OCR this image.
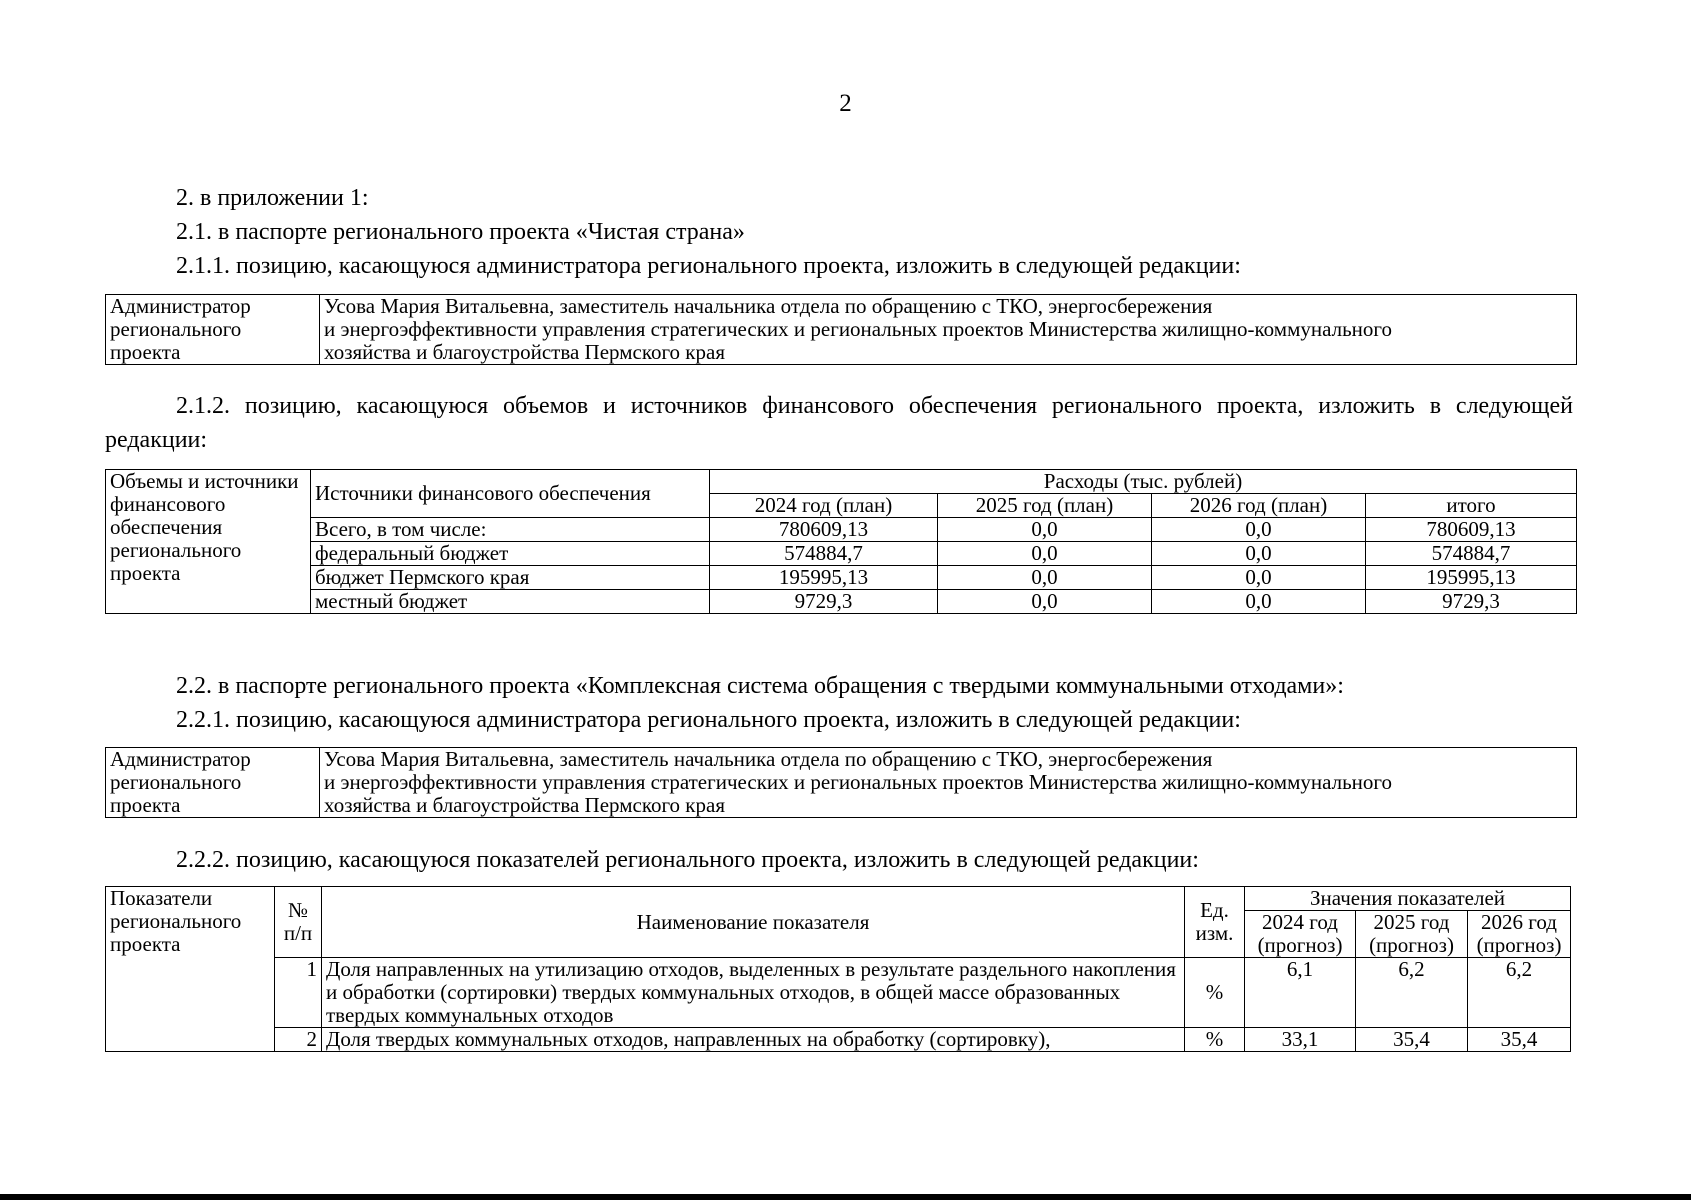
2
2. в приложении 1:
2.1. в паспорте регионального проекта «Чистая страна»
2.1.1. позицию, касающуюся администратора регионального проекта, изложить в следующей редакции:
Администратор регионального проекта	
Усова Мария Витальевна, заместитель начальника отдела по обращению с ТКО, энергосбережения
и энергоэффективности управления стратегических и региональных проектов Министерства жилищно-коммунального
хозяйства и благоустройства Пермского края
2.1.2. позицию, касающуюся объемов и источников финансового обеспечения регионального проекта, изложить в следующей редакции:
Объемы и источники финансового обеспечения регионального проекта	Источники финансового обеспечения	Расходы (тыс. рублей)			
		2024 год (план)	2025 год (план)	2026 год (план)	итого
	Всего, в том числе:	780609,13	0,0	0,0	780609,13
	федеральный бюджет	574884,7	0,0	0,0	574884,7
	бюджет Пермского края	195995,13	0,0	0,0	195995,13
	местный бюджет	9729,3	0,0	0,0	9729,3
2.2. в паспорте регионального проекта «Комплексная система обращения с твердыми коммунальными отходами»:
2.2.1. позицию, касающуюся администратора регионального проекта, изложить в следующей редакции:
Администратор регионального проекта	
Усова Мария Витальевна, заместитель начальника отдела по обращению с ТКО, энергосбережения
и энергоэффективности управления стратегических и региональных проектов Министерства жилищно-коммунального
хозяйства и благоустройства Пермского края
2.2.2. позицию, касающуюся показателей регионального проекта, изложить в следующей редакции:
Показатели регионального проекта	№ п/п	Наименование показателя	Ед. изм.	Значения показателей		
				2024 год (прогноз)	2025 год (прогноз)	2026 год (прогноз)
	1	Доля направленных на утилизацию отходов, выделенных в результате раздельного накопления и обработки (сортировки) твердых коммунальных отходов, в общей массе образованных твердых коммунальных отходов	%	6,1	6,2	6,2
	2	Доля твердых коммунальных отходов, направленных на обработку (сортировку),	%	33,1	35,4	35,4
